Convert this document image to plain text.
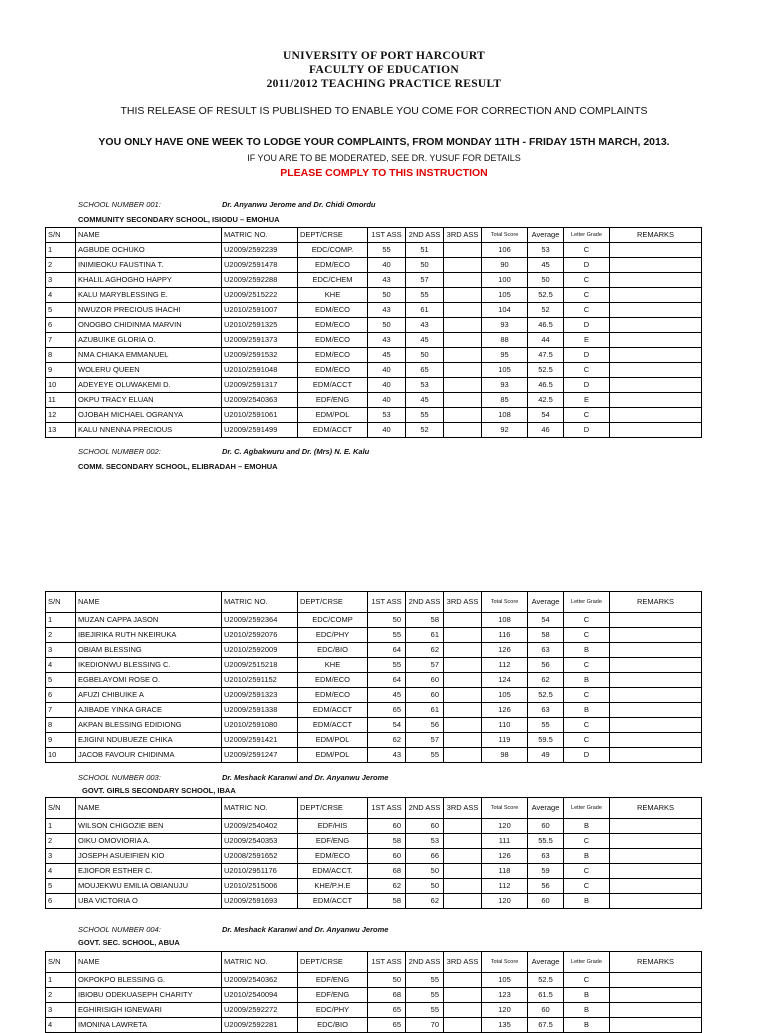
UNIVERSITY OF PORT HARCOURT
FACULTY OF EDUCATION
2011/2012 TEACHING PRACTICE RESULT
THIS RELEASE OF RESULT IS PUBLISHED TO ENABLE YOU COME FOR CORRECTION AND COMPLAINTS
YOU ONLY HAVE ONE WEEK TO LODGE YOUR COMPLAINTS, FROM MONDAY 11TH - FRIDAY 15TH MARCH, 2013.
IF YOU ARE TO BE MODERATED, SEE DR. YUSUF FOR DETAILS
PLEASE COMPLY TO THIS INSTRUCTION
SCHOOL NUMBER 001:	Dr. Anyanwu Jerome and Dr. Chidi Omordu
COMMUNITY SECONDARY SCHOOL, ISIODU – EMOHUA
S/N	NAME	MATRIC NO.	DEPT/CRSE	1ST ASS	2ND ASS	3RD ASS	Total Score	Average	Letter Grade	REMARKS
1	AGBUDE OCHUKO	U2009/2592239	EDC/COMP.	55	51		106	53	C	
2	INIMIEOKU FAUSTINA T.	U2009/2591478	EDM/ECO	40	50		90	45	D	
3	KHALIL AGHOGHO HAPPY	U2009/2592288	EDC/CHEM	43	57		100	50	C	
4	KALU MARYBLESSING E.	U2009/2515222	KHE	50	55		105	52.5	C	
5	NWUZOR PRECIOUS IHACHI	U2010/2591007	EDM/ECO	43	61		104	52	C	
6	ONOGBO CHIDINMA MARVIN	U2010/2591325	EDM/ECO	50	43		93	46.5	D	
7	AZUBUIKE GLORIA O.	U2009/2591373	EDM/ECO	43	45		88	44	E	
8	NMA CHIAKA EMMANUEL	U2009/2591532	EDM/ECO	45	50		95	47.5	D	
9	WOLERU QUEEN	U2010/2591048	EDM/ECO	40	65		105	52.5	C	
10	ADEYEYE OLUWAKEMI D.	U2009/2591317	EDM/ACCT	40	53		93	46.5	D	
11	OKPU TRACY ELUAN	U2009/2540363	EDF/ENG	40	45		85	42.5	E	
12	OJOBAH MICHAEL OGRANYA	U2010/2591061	EDM/POL	53	55		108	54	C	
13	KALU NNENNA PRECIOUS	U2009/2591499	EDM/ACCT	40	52		92	46	D	
SCHOOL NUMBER 002:	Dr. C. Agbakwuru and Dr. (Mrs) N. E. Kalu
COMM. SECONDARY SCHOOL, ELIBRADAH – EMOHUA
S/N	NAME	MATRIC NO.	DEPT/CRSE	1ST ASS	2ND ASS	3RD ASS	Total Score	Average	Letter Grade	REMARKS
1	MUZAN CAPPA JASON	U2009/2592364	EDC/COMP	50	58		108	54	C	
2	IBEJIRIKA RUTH NKEIRUKA	U2010/2592076	EDC/PHY	55	61		116	58	C	
3	OBIAM BLESSING	U2010/2592009	EDC/BIO	64	62		126	63	B	
4	IKEDIONWU BLESSING C.	U2009/2515218	KHE	55	57		112	56	C	
5	EGBELAYOMI ROSE O.	U2010/2591152	EDM/ECO	64	60		124	62	B	
6	AFUZI CHIBUIKE A	U2009/2591323	EDM/ECO	45	60		105	52.5	C	
7	AJIBADE YINKA GRACE	U2009/2591338	EDM/ACCT	65	61		126	63	B	
8	AKPAN BLESSING EDIDIONG	U2010/2591080	EDM/ACCT	54	56		110	55	C	
9	EJIGINI NDUBUEZE CHIKA	U2009/2591421	EDM/POL	62	57		119	59.5	C	
10	JACOB FAVOUR CHIDINMA	U2009/2591247	EDM/POL	43	55		98	49	D	
SCHOOL NUMBER 003:	Dr. Meshack Karanwi and Dr. Anyanwu Jerome
GOVT. GIRLS SECONDARY SCHOOL, IBAA
S/N	NAME	MATRIC NO.	DEPT/CRSE	1ST ASS	2ND ASS	3RD ASS	Total Score	Average	Letter Grade	REMARKS
1	WILSON CHIGOZIE BEN	U2009/2540402	EDF/HIS	60	60		120	60	B	
2	OIKU OMOVIORIA A.	U2009/2540353	EDF/ENG	58	53		111	55.5	C	
3	JOSEPH ASUEIFIEN KIO	U2008/2591652	EDM/ECO	60	66		126	63	B	
4	EJIOFOR ESTHER C.	U2010/2951176	EDM/ACCT.	68	50		118	59	C	
5	MOUJEKWU EMILIA OBIANUJU	U2010/2515006	KHE/P.H.E	62	50		112	56	C	
6	UBA VICTORIA O	U2009/2591693	EDM/ACCT	58	62		120	60	B	
SCHOOL NUMBER 004:	Dr. Meshack Karanwi and Dr. Anyanwu Jerome
GOVT. SEC. SCHOOL, ABUA
S/N	NAME	MATRIC NO.	DEPT/CRSE	1ST ASS	2ND ASS	3RD ASS	Total Score	Average	Letter Grade	REMARKS
1	OKPOKPO BLESSING G.	U2009/2540362	EDF/ENG	50	55		105	52.5	C	
2	IBIOBU ODEKUASEPH CHARITY	U2010/2540094	EDF/ENG	68	55		123	61.5	B	
3	EGHIRISIGH IGNEWARI	U2009/2592272	EDC/PHY	65	55		120	60	B	
4	IMONINA LAWRETA	U2009/2592281	EDC/BIO	65	70		135	67.5	B	
